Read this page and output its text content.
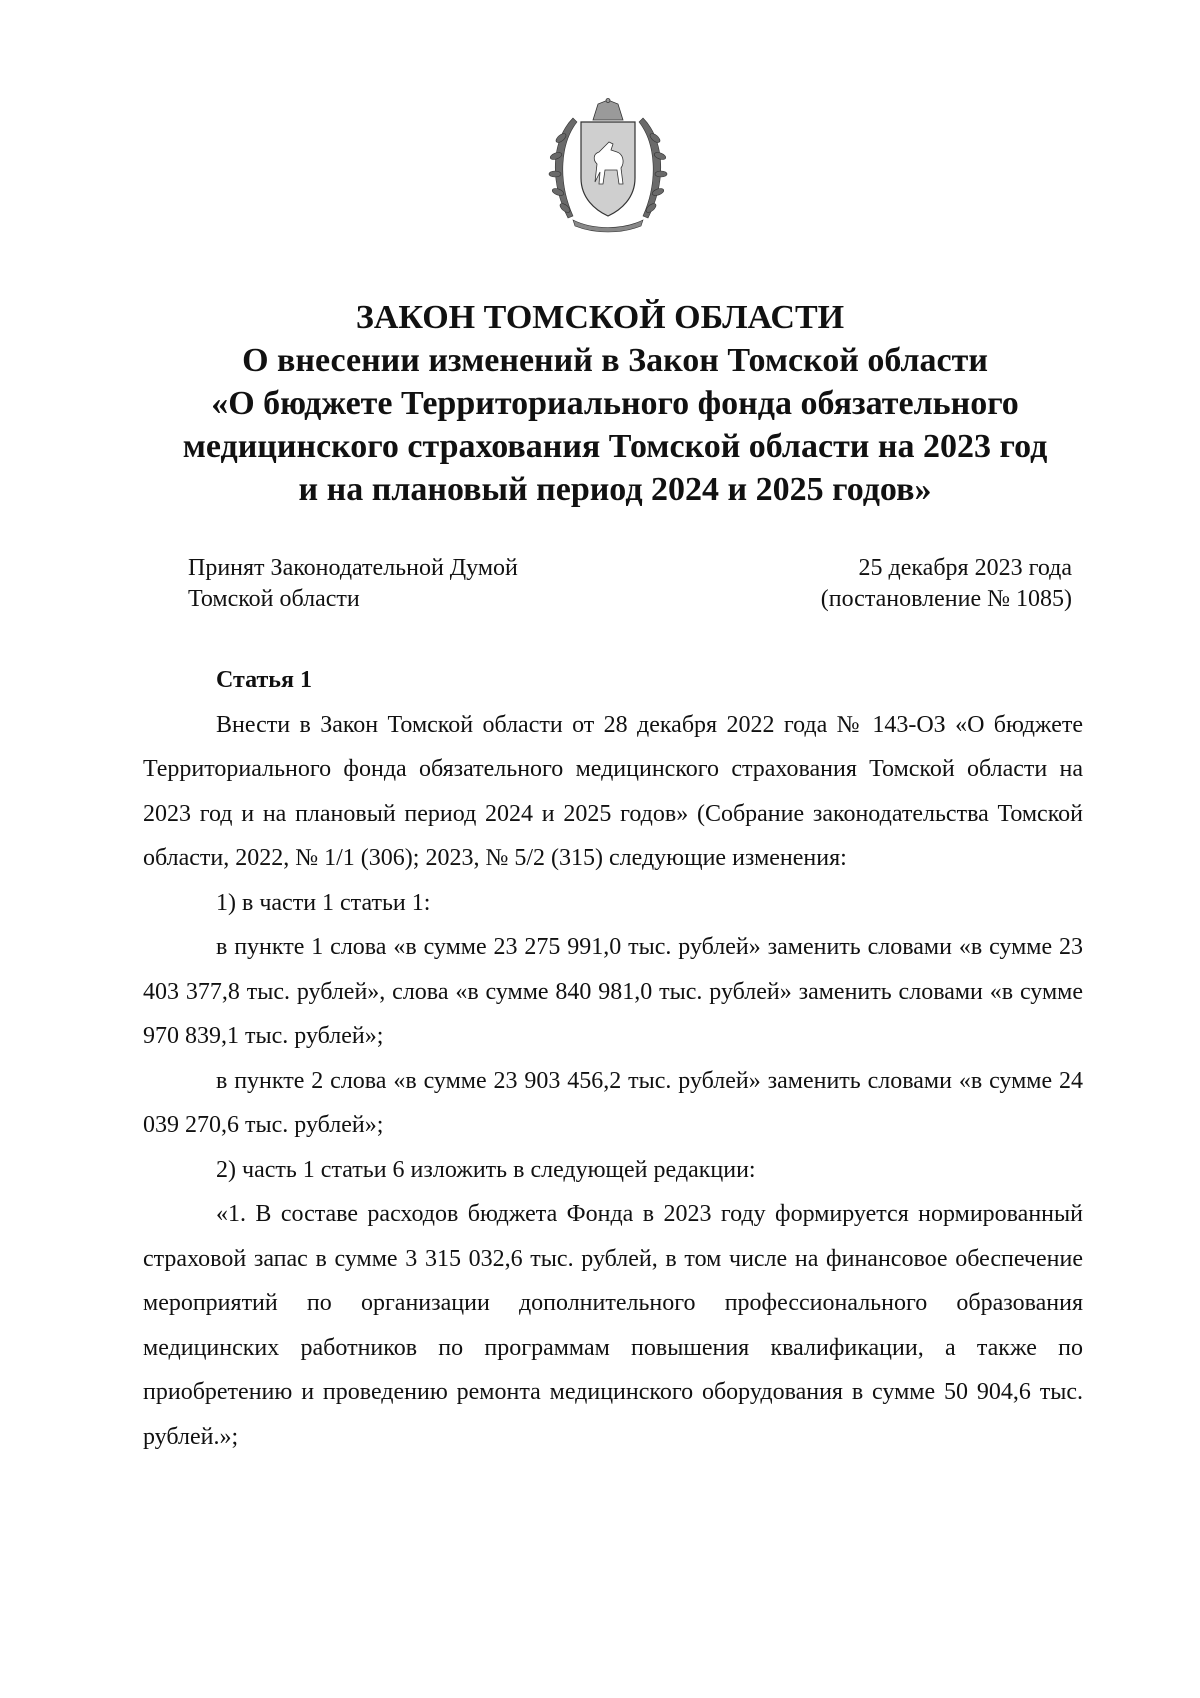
ЗАКОН ТОМСКОЙ ОБЛАСТИ
О внесении изменений в Закон Томской области
«О бюджете Территориального фонда обязательного
медицинского страхования Томской области на 2023 год
и на плановый период 2024 и 2025 годов»
Принят Законодательной Думой
Томской области
25 декабря 2023 года
(постановление № 1085)

Статья 1

Внести в Закон Томской области от 28 декабря 2022 года № 143-ОЗ «О бюджете Территориального фонда обязательного медицинского страхования Томской области на 2023 год и на плановый период 2024 и 2025 годов» (Собрание законодательства Томской области, 2022, № 1/1 (306); 2023, № 5/2 (315) следующие изменения:

1) в части 1 статьи 1:

в пункте 1 слова «в сумме 23 275 991,0 тыс. рублей» заменить словами «в сумме 23 403 377,8 тыс. рублей», слова «в сумме 840 981,0 тыс. рублей» заменить словами «в сумме 970 839,1 тыс. рублей»;

в пункте 2 слова «в сумме 23 903 456,2 тыс. рублей» заменить словами «в сумме 24 039 270,6 тыс. рублей»;

2) часть 1 статьи 6 изложить в следующей редакции:

«1. В составе расходов бюджета Фонда в 2023 году формируется нормированный страховой запас в сумме 3 315 032,6 тыс. рублей, в том числе на финансовое обеспечение мероприятий по организации дополнительного профессионального образования медицинских работников по программам повышения квалификации, а также по приобретению и проведению ремонта медицинского оборудования в сумме 50 904,6 тыс. рублей.»;
